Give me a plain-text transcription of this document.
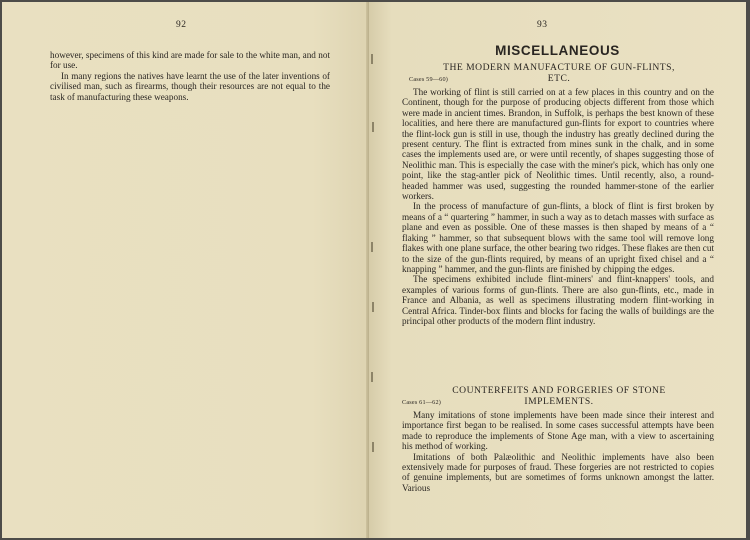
92

however, specimens of this kind are made for sale to the white man, and not for use.

In many regions the natives have learnt the use of the later inventions of civilised man, such as firearms, though their resources are not equal to the task of manufacturing these weapons.

93
MISCELLANEOUS
THE MODERN MANUFACTURE OF GUN-FLINTS,
Cases 59—60)	ETC.

The working of flint is still carried on at a few places in this country and on the Continent, though for the purpose of producing objects different from those which were made in ancient times. Brandon, in Suffolk, is perhaps the best known of these localities, and here there are manufactured gun-flints for export to countries where the flint-lock gun is still in use, though the industry has greatly declined during the present century. The flint is extracted from mines sunk in the chalk, and in some cases the implements used are, or were until recently, of shapes suggesting those of Neolithic man. This is especially the case with the miner's pick, which has only one point, like the stag-antler pick of Neolithic times. Until recently, also, a round-headed hammer was used, suggesting the rounded hammer-stone of the earlier workers.

In the process of manufacture of gun-flints, a block of flint is first broken by means of a “ quartering ” hammer, in such a way as to detach masses with surface as plane and even as possible. One of these masses is then shaped by means of a “ flaking ” hammer, so that subsequent blows with the same tool will remove long flakes with one plane surface, the other bearing two ridges. These flakes are then cut to the size of the gun-flints required, by means of an upright fixed chisel and a “ knapping ” hammer, and the gun-flints are finished by chipping the edges.

The specimens exhibited include flint-miners' and flint-knappers' tools, and examples of various forms of gun-flints. There are also gun-flints, etc., made in France and Albania, as well as specimens illustrating modern flint-working in Central Africa. Tinder-box flints and blocks for facing the walls of buildings are the principal other products of the modern flint industry.

COUNTERFEITS AND FORGERIES OF STONE
Cases 61—62)	IMPLEMENTS.

Many imitations of stone implements have been made since their interest and importance first began to be realised. In some cases successful attempts have been made to reproduce the implements of Stone Age man, with a view to ascertaining his method of working.

Imitations of both Palæolithic and Neolithic implements have also been extensively made for purposes of fraud. These forgeries are not restricted to copies of genuine implements, but are sometimes of forms unknown amongst the latter. Various
